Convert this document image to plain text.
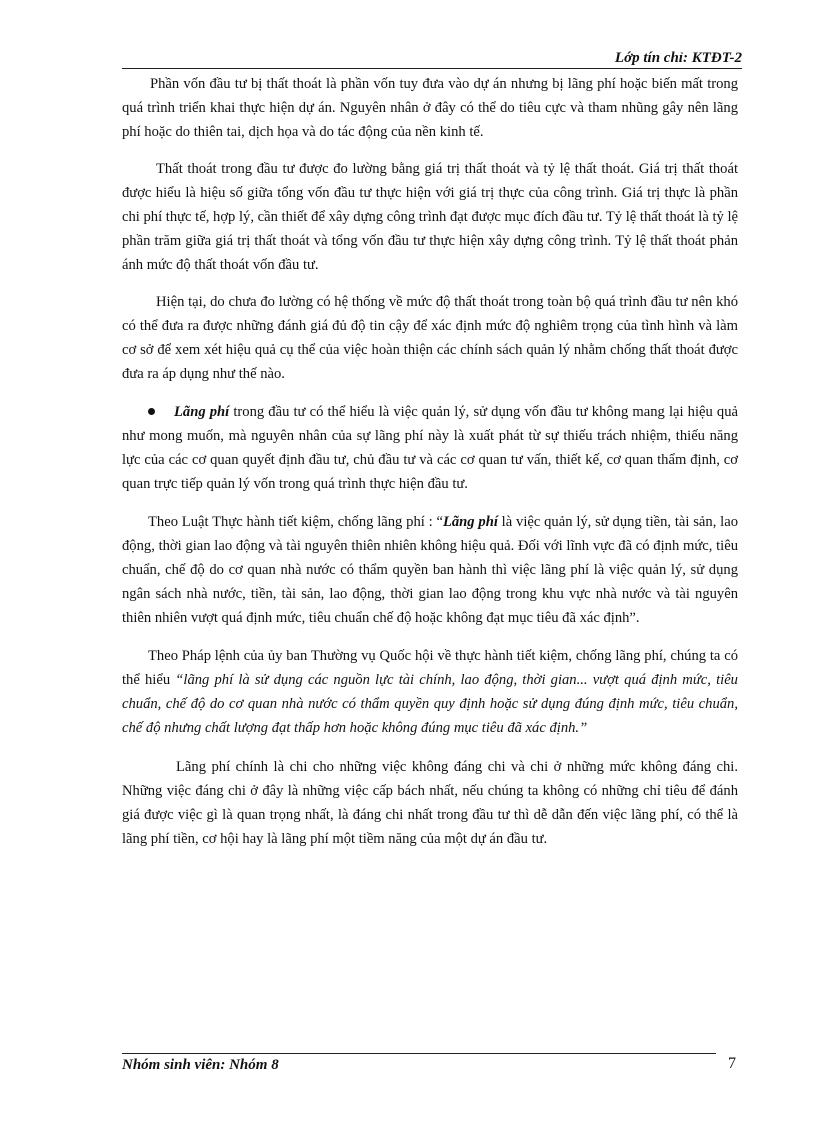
Lớp tín chỉ: KTĐT-2

Phần vốn đầu tư bị thất thoát là phần vốn tuy đưa vào dự án nhưng bị lãng phí hoặc biến mất trong quá trình triển khai thực hiện dự án. Nguyên nhân ở đây có thể do tiêu cực và tham nhũng gây nên lãng phí hoặc do thiên tai, dịch họa và do tác động của nền kinh tế.

Thất thoát trong đầu tư được đo lường bằng giá trị thất thoát và tỷ lệ thất thoát. Giá trị thất thoát được hiểu là hiệu số giữa tổng vốn đầu tư thực hiện với giá trị thực của công trình. Giá trị thực là phần chi phí thực tế, hợp lý, cần thiết để xây dựng công trình đạt được mục đích đầu tư. Tỷ lệ thất thoát là tỷ lệ phần trăm giữa giá trị thất thoát và tổng vốn đầu tư thực hiện xây dựng công trình. Tỷ lệ thất thoát phản ánh mức độ thất thoát vốn đầu tư.

Hiện tại, do chưa đo lường có hệ thống về mức độ thất thoát trong toàn bộ quá trình đầu tư nên khó có thể đưa ra được những đánh giá đủ độ tin cậy để xác định mức độ nghiêm trọng của tình hình và làm cơ sở để xem xét hiệu quả cụ thể của việc hoàn thiện các chính sách quản lý nhằm chống thất thoát được đưa ra áp dụng như thế nào.

Lãng phí trong đầu tư có thể hiểu là việc quản lý, sử dụng vốn đầu tư không mang lại hiệu quả như mong muốn, mà nguyên nhân của sự lãng phí này là xuất phát từ sự thiếu trách nhiệm, thiếu năng lực của các cơ quan quyết định đầu tư, chủ đầu tư và các cơ quan tư vấn, thiết kế, cơ quan thẩm định, cơ quan trực tiếp quản lý vốn trong quá trình thực hiện đầu tư.

Theo Luật Thực hành tiết kiệm, chống lãng phí : “Lãng phí là việc quản lý, sử dụng tiền, tài sản, lao động, thời gian lao động và tài nguyên thiên nhiên không hiệu quả. Đối với lĩnh vực đã có định mức, tiêu chuẩn, chế độ do cơ quan nhà nước có thẩm quyền ban hành thì việc lãng phí là việc quản lý, sử dụng ngân sách nhà nước, tiền, tài sản, lao động, thời gian lao động trong khu vực nhà nước và tài nguyên thiên nhiên vượt quá định mức, tiêu chuẩn chế độ hoặc không đạt mục tiêu đã xác định”.

Theo Pháp lệnh của ủy ban Thường vụ Quốc hội về thực hành tiết kiệm, chống lãng phí, chúng ta có thể hiểu “lãng phí là sử dụng các nguồn lực tài chính, lao động, thời gian... vượt quá định mức, tiêu chuẩn, chế độ do cơ quan nhà nước có thẩm quyền quy định hoặc sử dụng đúng định mức, tiêu chuẩn, chế độ nhưng chất lượng đạt thấp hơn hoặc không đúng mục tiêu đã xác định.”

Lãng phí chính là chi cho những việc không đáng chi và chi ở những mức không đáng chi. Những việc đáng chi ở đây là những việc cấp bách nhất, nếu chúng ta không có những chỉ tiêu để đánh giá được việc gì là quan trọng nhất, là đáng chi nhất trong đầu tư thì dễ dẫn đến việc lãng phí, có thể là lãng phí tiền, cơ hội hay là lãng phí một tiềm năng của một dự án đầu tư.

Nhóm sinh viên: Nhóm 8	7
